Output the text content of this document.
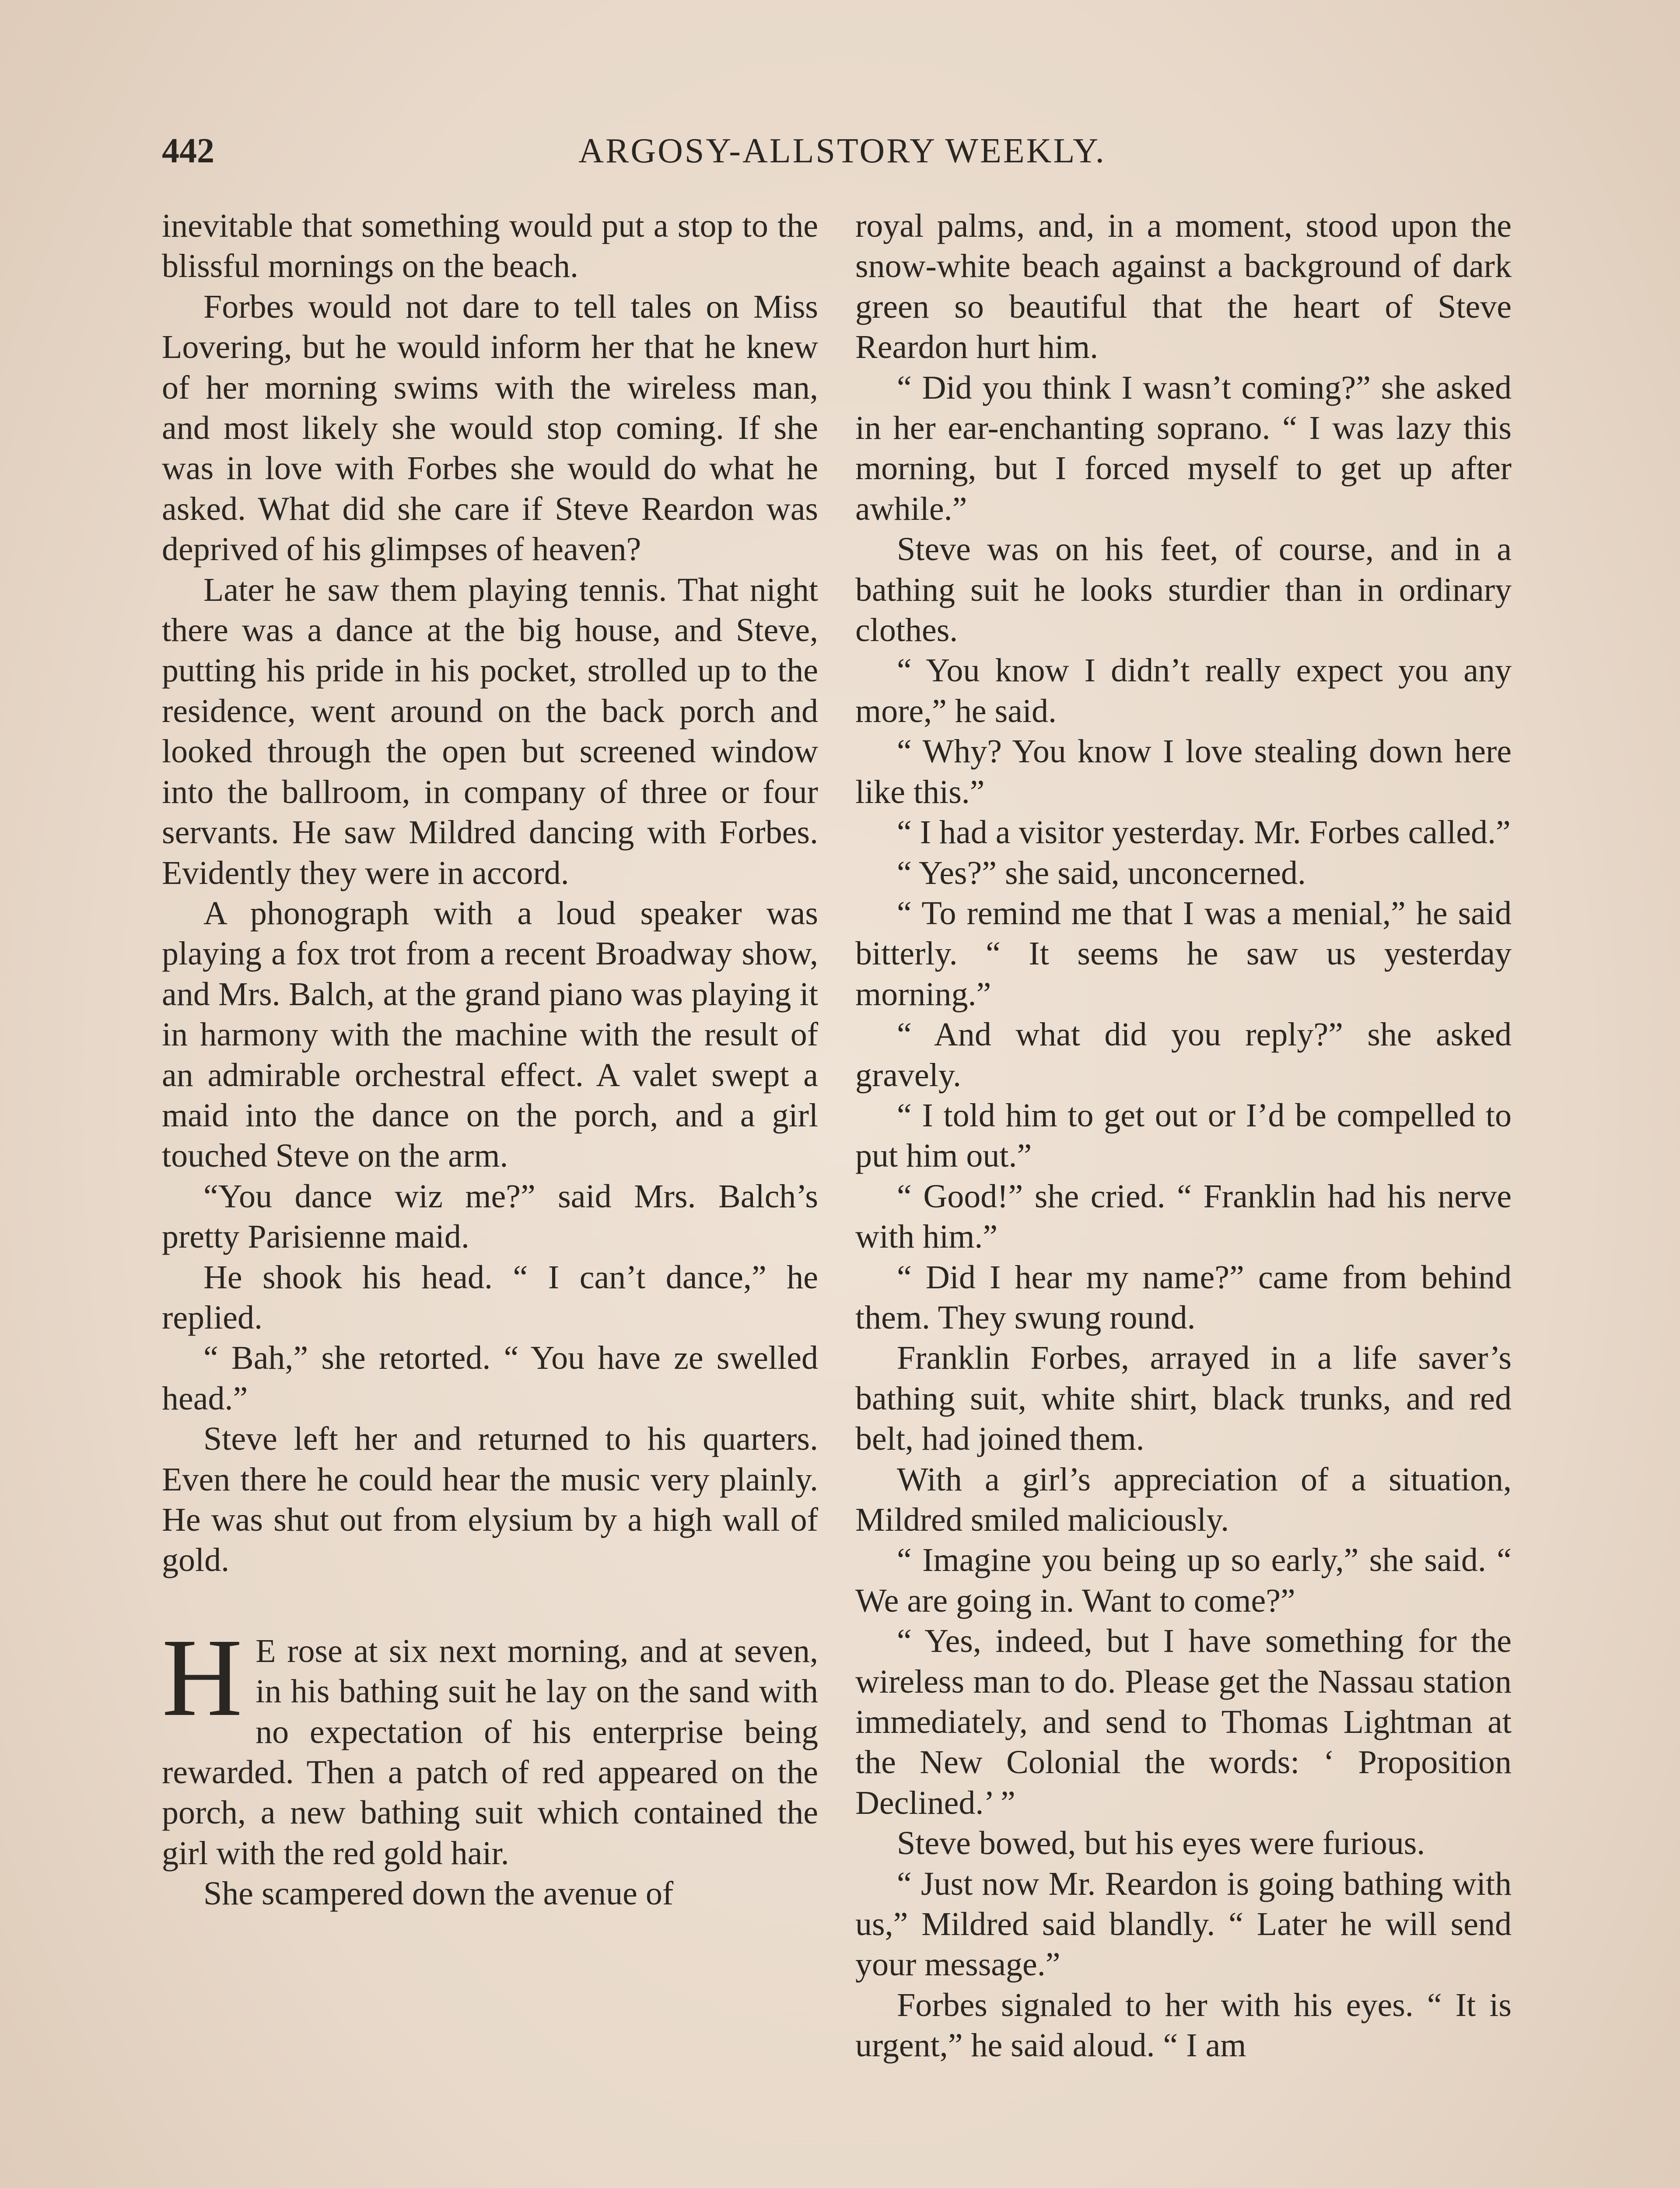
442	ARGOSY-ALLSTORY WEEKLY.

inevitable that something would put a stop to the blissful mornings on the beach.

Forbes would not dare to tell tales on Miss Lovering, but he would inform her that he knew of her morning swims with the wireless man, and most likely she would stop coming. If she was in love with Forbes she would do what he asked. What did she care if Steve Reardon was deprived of his glimpses of heaven?

Later he saw them playing tennis. That night there was a dance at the big house, and Steve, putting his pride in his pocket, strolled up to the residence, went around on the back porch and looked through the open but screened window into the ballroom, in company of three or four servants. He saw Mildred dancing with Forbes. Evidently they were in accord.

A phonograph with a loud speaker was playing a fox trot from a recent Broadway show, and Mrs. Balch, at the grand piano was playing it in harmony with the machine with the result of an admirable orchestral effect. A valet swept a maid into the dance on the porch, and a girl touched Steve on the arm.

“You dance wiz me?” said Mrs. Balch’s pretty Parisienne maid.

He shook his head. “ I can’t dance,” he replied.

“ Bah,” she retorted. “ You have ze swelled head.”

Steve left her and returned to his quarters. Even there he could hear the music very plainly. He was shut out from elysium by a high wall of gold.

H E rose at six next morning, and at seven, in his bathing suit he lay on the sand with no expectation of his enterprise being rewarded. Then a patch of red appeared on the porch, a new bathing suit which contained the girl with the red gold hair.

She scampered down the avenue of

royal palms, and, in a moment, stood upon the snow-white beach against a background of dark green so beautiful that the heart of Steve Reardon hurt him.

“ Did you think I wasn’t coming?” she asked in her ear-enchanting soprano. “ I was lazy this morning, but I forced myself to get up after awhile.”

Steve was on his feet, of course, and in a bathing suit he looks sturdier than in ordinary clothes.

“ You know I didn’t really expect you any more,” he said.

“ Why? You know I love stealing down here like this.”

“ I had a visitor yesterday. Mr. Forbes called.”

“ Yes?” she said, unconcerned.

“ To remind me that I was a menial,” he said bitterly. “ It seems he saw us yesterday morning.”

“ And what did you reply?” she asked gravely.

“ I told him to get out or I’d be compelled to put him out.”

“ Good!” she cried. “ Franklin had his nerve with him.”

“ Did I hear my name?” came from behind them. They swung round.

Franklin Forbes, arrayed in a life saver’s bathing suit, white shirt, black trunks, and red belt, had joined them.

With a girl’s appreciation of a situation, Mildred smiled maliciously.

“ Imagine you being up so early,” she said. “ We are going in. Want to come?”

“ Yes, indeed, but I have something for the wireless man to do. Please get the Nassau station immediately, and send to Thomas Lightman at the New Colonial the words: ‘ Proposition Declined.’ ”

Steve bowed, but his eyes were furious.

“ Just now Mr. Reardon is going bathing with us,” Mildred said blandly. “ Later he will send your message.”

Forbes signaled to her with his eyes. “ It is urgent,” he said aloud. “ I am
